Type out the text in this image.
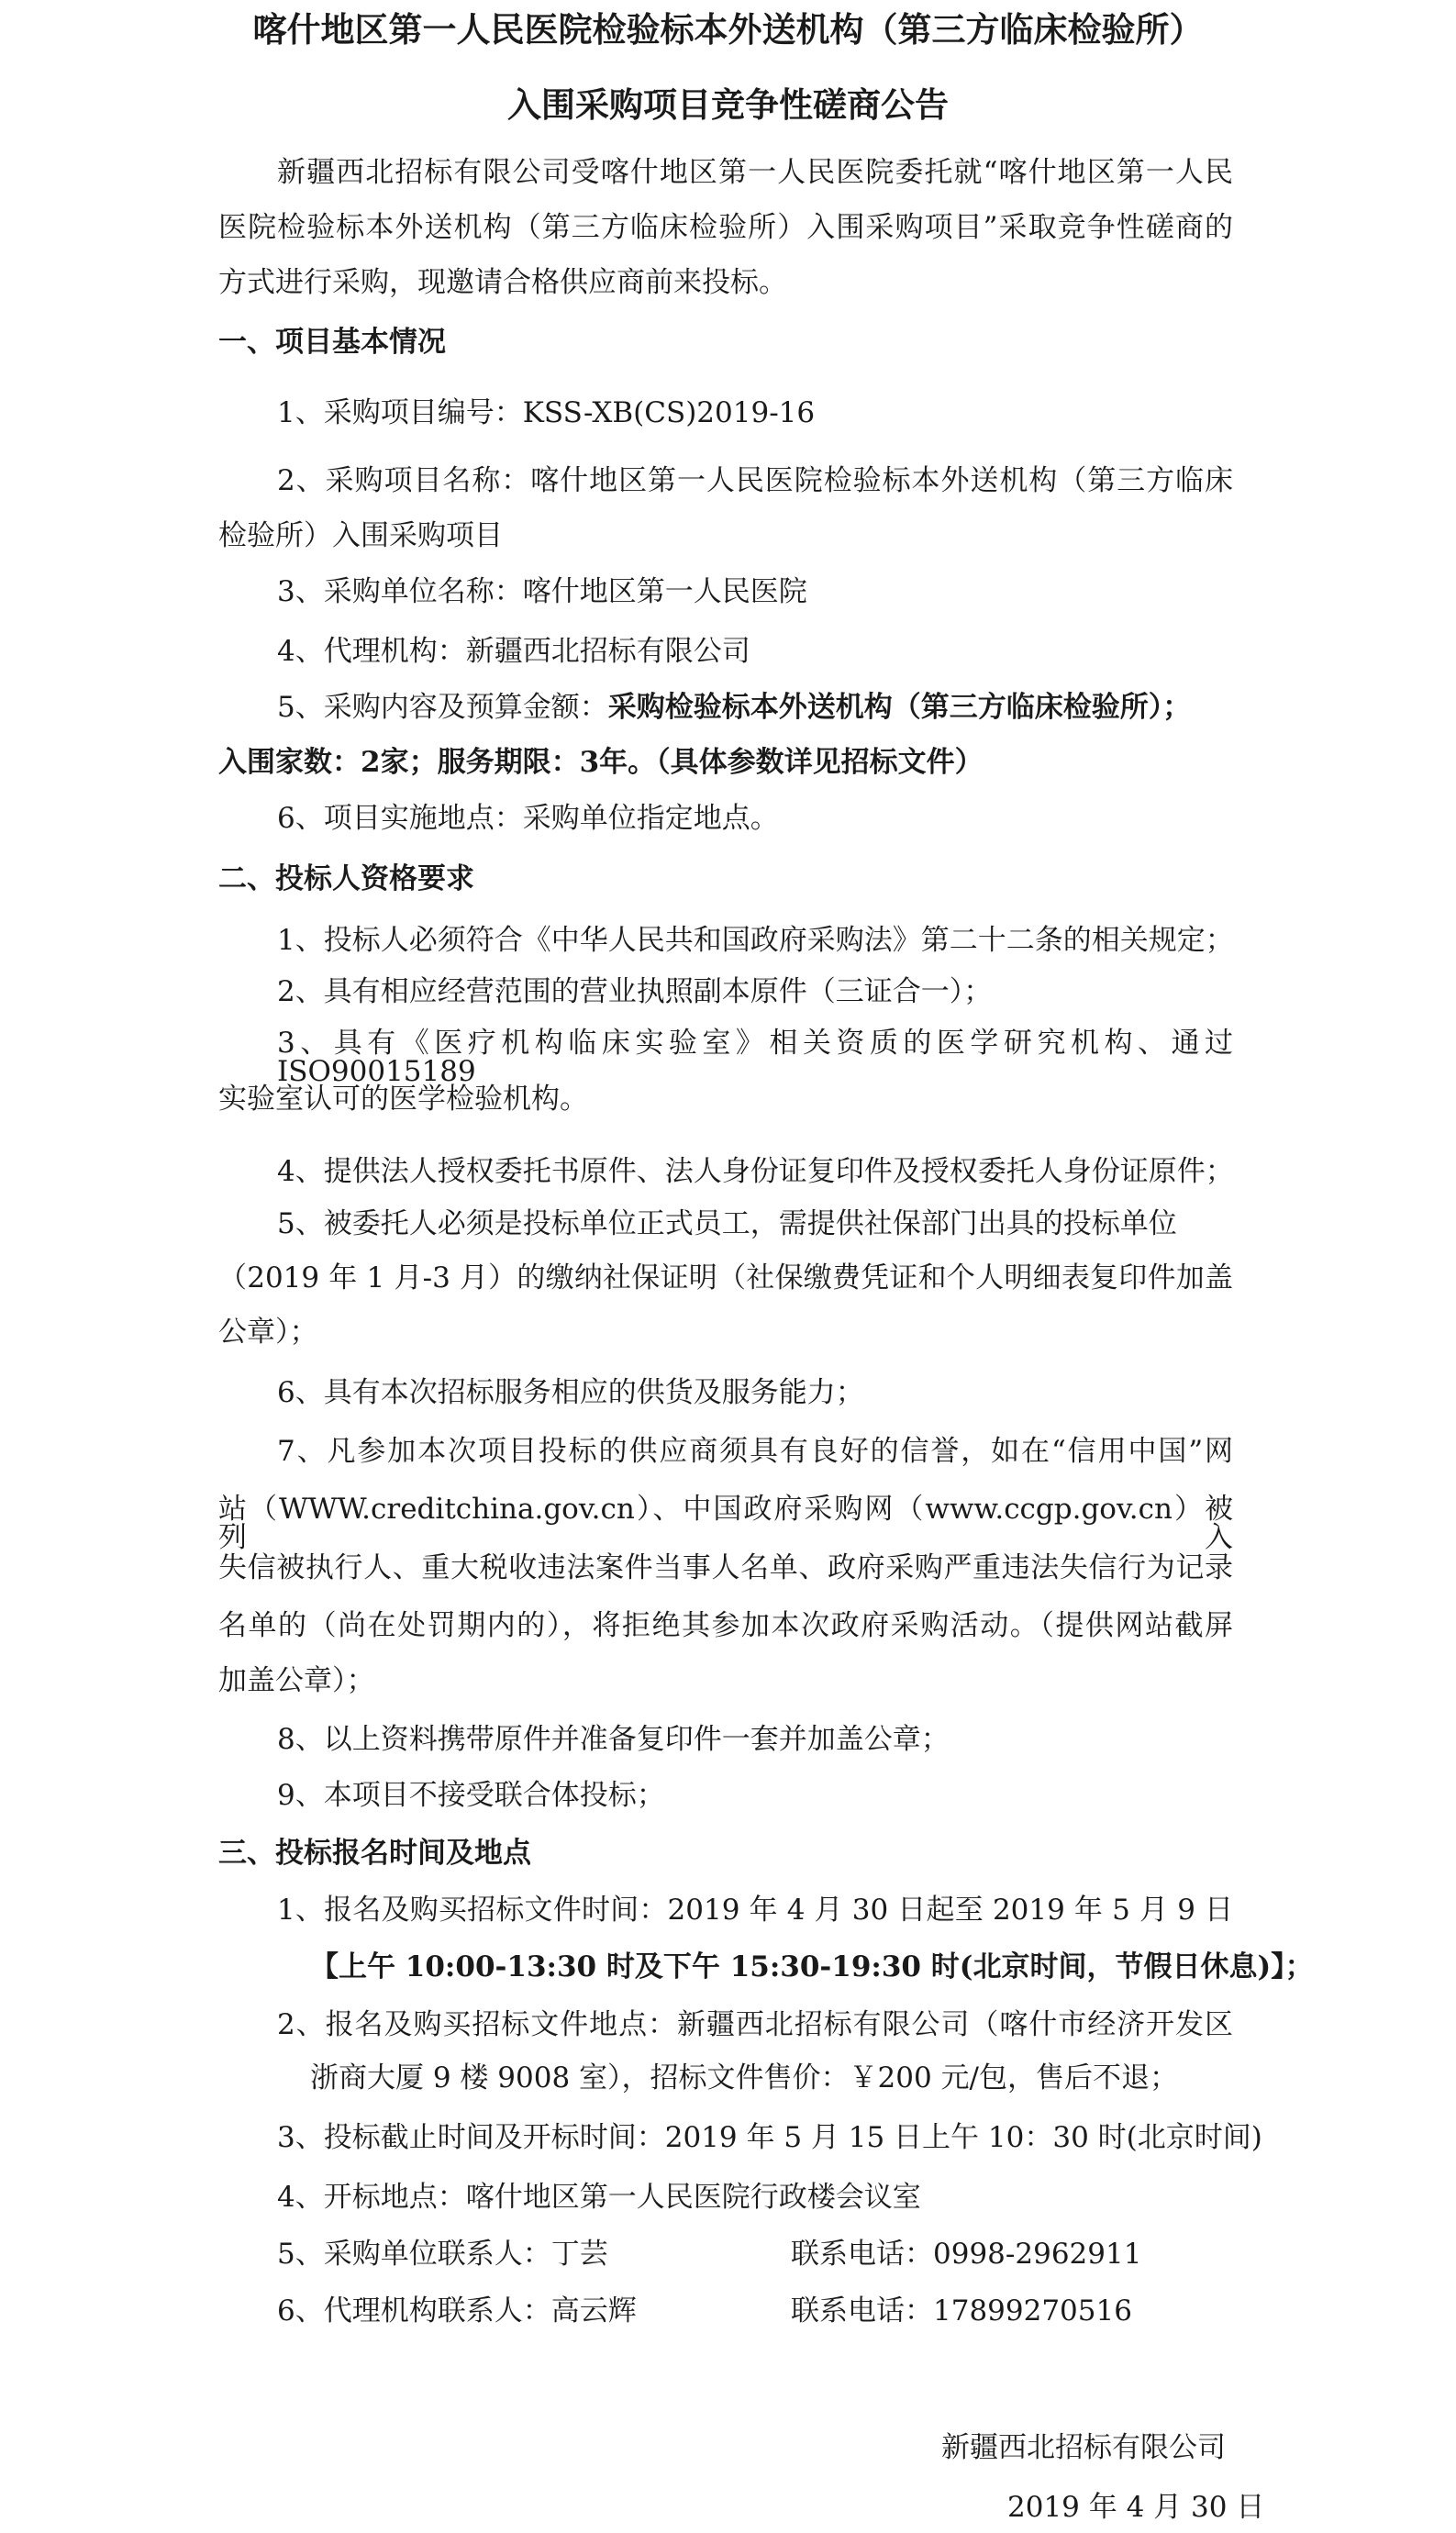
喀什地区第一人民医院检验标本外送机构（第三方临床检验所）
入围采购项目竞争性磋商公告
新疆西北招标有限公司受喀什地区第一人民医院委托就“喀什地区第一人民
医院检验标本外送机构（第三方临床检验所）入围采购项目”采取竞争性磋商的
方式进行采购，现邀请合格供应商前来投标。
一、项目基本情况
1、采购项目编号：KSS-XB(CS)2019-16
2、采购项目名称：喀什地区第一人民医院检验标本外送机构（第三方临床
检验所）入围采购项目
3、采购单位名称：喀什地区第一人民医院
4、代理机构：新疆西北招标有限公司
5、采购内容及预算金额：采购检验标本外送机构（第三方临床检验所）；
入围家数：2家；服务期限：3年。（具体参数详见招标文件）
6、项目实施地点：采购单位指定地点。
二、投标人资格要求
1、投标人必须符合《中华人民共和国政府采购法》第二十二条的相关规定；
2、具有相应经营范围的营业执照副本原件（三证合一）；
3、具有《医疗机构临床实验室》相关资质的医学研究机构、通过 ISO90015189
实验室认可的医学检验机构。
4、提供法人授权委托书原件、法人身份证复印件及授权委托人身份证原件；
5、被委托人必须是投标单位正式员工，需提供社保部门出具的投标单位
（2019 年 1 月-3 月）的缴纳社保证明（社保缴费凭证和个人明细表复印件加盖
公章）；
6、具有本次招标服务相应的供货及服务能力；
7、凡参加本次项目投标的供应商须具有良好的信誉，如在“信用中国”网
站（WWW.creditchina.gov.cn）、中国政府采购网（www.ccgp.gov.cn）被列入
失信被执行人、重大税收违法案件当事人名单、政府采购严重违法失信行为记录
名单的（尚在处罚期内的），将拒绝其参加本次政府采购活动。（提供网站截屏
加盖公章）；
8、以上资料携带原件并准备复印件一套并加盖公章；
9、本项目不接受联合体投标；
三、投标报名时间及地点
1、报名及购买招标文件时间：2019 年 4 月 30 日起至 2019 年 5 月 9 日
【上午 10:00-13:30 时及下午 15:30-19:30 时(北京时间，节假日休息)】；
2、报名及购买招标文件地点：新疆西北招标有限公司（喀什市经济开发区
浙商大厦 9 楼 9008 室），招标文件售价：￥200 元/包，售后不退；
3、投标截止时间及开标时间：2019 年 5 月 15 日上午 10：30 时(北京时间)
4、开标地点：喀什地区第一人民医院行政楼会议室
5、采购单位联系人：丁芸	联系电话：0998-2962911
6、代理机构联系人：高云辉	联系电话：17899270516
新疆西北招标有限公司
2019 年 4 月 30 日
